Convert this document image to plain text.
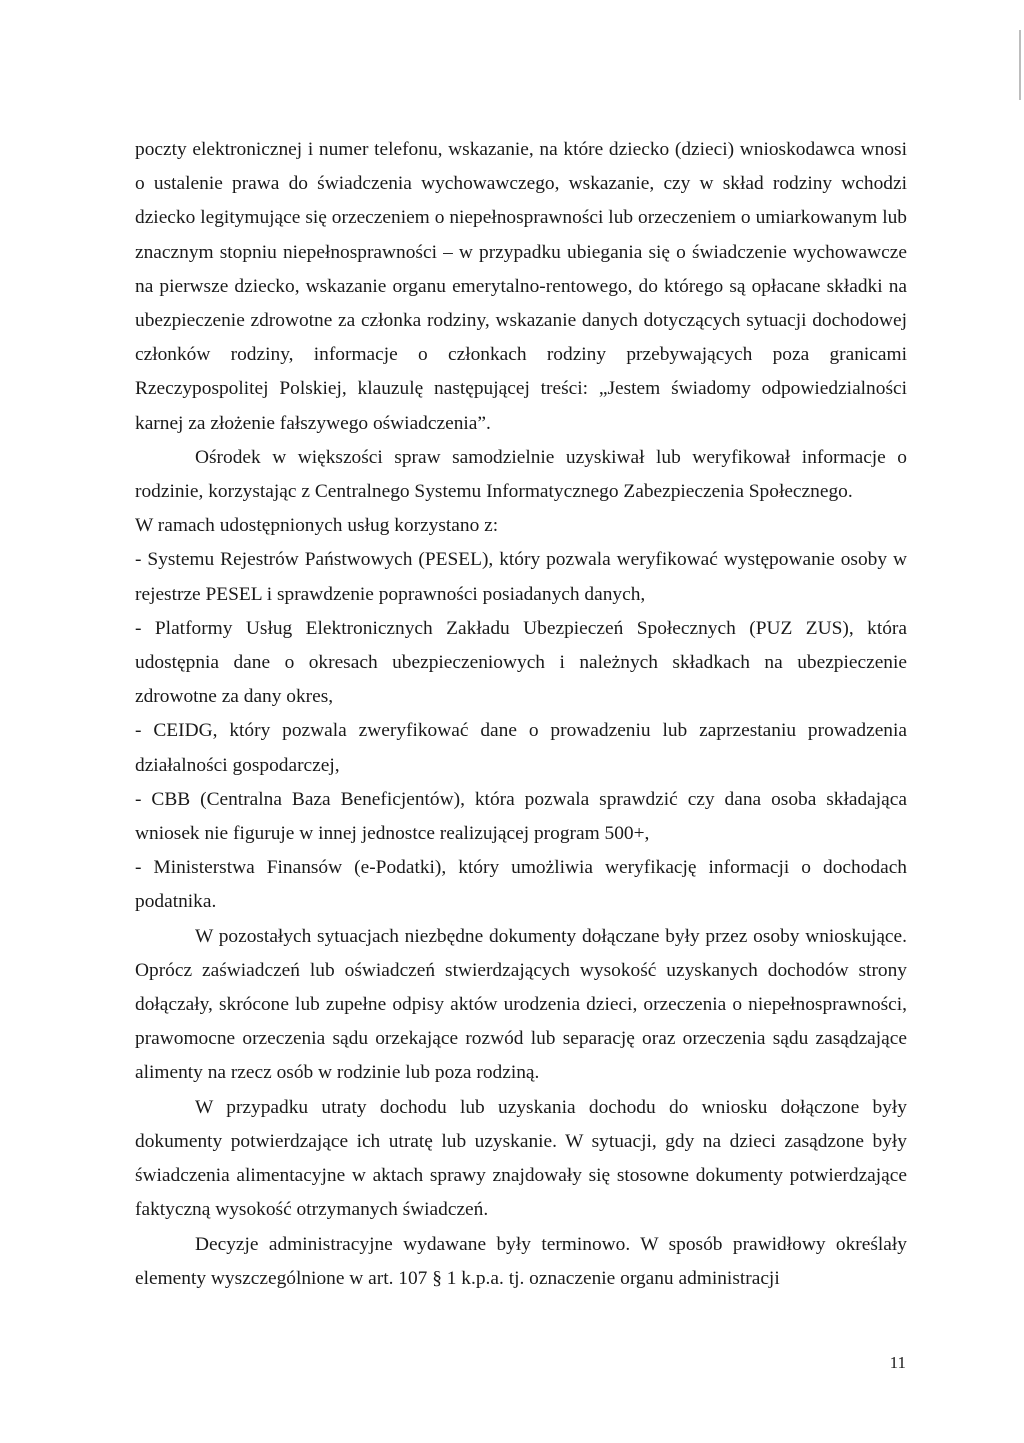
poczty elektronicznej i numer telefonu, wskazanie, na które dziecko (dzieci) wnioskodawca wnosi o ustalenie prawa do świadczenia wychowawczego, wskazanie, czy w skład rodziny wchodzi dziecko legitymujące się orzeczeniem o niepełnosprawności lub orzeczeniem o umiarkowanym lub znacznym stopniu niepełnosprawności – w przypadku ubiegania się o świadczenie wychowawcze na pierwsze dziecko, wskazanie organu emerytalno-rentowego, do którego są opłacane składki na ubezpieczenie zdrowotne za członka rodziny, wskazanie danych dotyczących sytuacji dochodowej członków rodziny, informacje o członkach rodziny przebywających poza granicami Rzeczypospolitej Polskiej, klauzulę następującej treści: „Jestem świadomy odpowiedzialności karnej za złożenie fałszywego oświadczenia”.

Ośrodek w większości spraw samodzielnie uzyskiwał lub weryfikował informacje o rodzinie, korzystając z Centralnego Systemu Informatycznego Zabezpieczenia Społecznego.

W ramach udostępnionych usług korzystano z:

- Systemu Rejestrów Państwowych (PESEL), który pozwala weryfikować występowanie osoby w rejestrze PESEL i sprawdzenie poprawności posiadanych danych,

- Platformy Usług Elektronicznych Zakładu Ubezpieczeń Społecznych (PUZ ZUS), która udostępnia dane o okresach ubezpieczeniowych i należnych składkach na ubezpieczenie zdrowotne za dany okres,

- CEIDG, który pozwala zweryfikować dane o prowadzeniu lub zaprzestaniu prowadzenia działalności gospodarczej,

- CBB (Centralna Baza Beneficjentów), która pozwala sprawdzić czy dana osoba składająca wniosek nie figuruje w innej jednostce realizującej program 500+,

- Ministerstwa Finansów (e-Podatki), który umożliwia weryfikację informacji o dochodach podatnika.

W pozostałych sytuacjach niezbędne dokumenty dołączane były przez osoby wnioskujące. Oprócz zaświadczeń lub oświadczeń stwierdzających wysokość uzyskanych dochodów strony dołączały, skrócone lub zupełne odpisy aktów urodzenia dzieci, orzeczenia o niepełnosprawności, prawomocne orzeczenia sądu orzekające rozwód lub separację oraz orzeczenia sądu zasądzające alimenty na rzecz osób w rodzinie lub poza rodziną.

W przypadku utraty dochodu lub uzyskania dochodu do wniosku dołączone były dokumenty potwierdzające ich utratę lub uzyskanie. W sytuacji, gdy na dzieci zasądzone były świadczenia alimentacyjne w aktach sprawy znajdowały się stosowne dokumenty potwierdzające faktyczną wysokość otrzymanych świadczeń.

Decyzje administracyjne wydawane były terminowo. W sposób prawidłowy określały elementy wyszczególnione w art. 107 § 1 k.p.a. tj. oznaczenie organu administracji

11
